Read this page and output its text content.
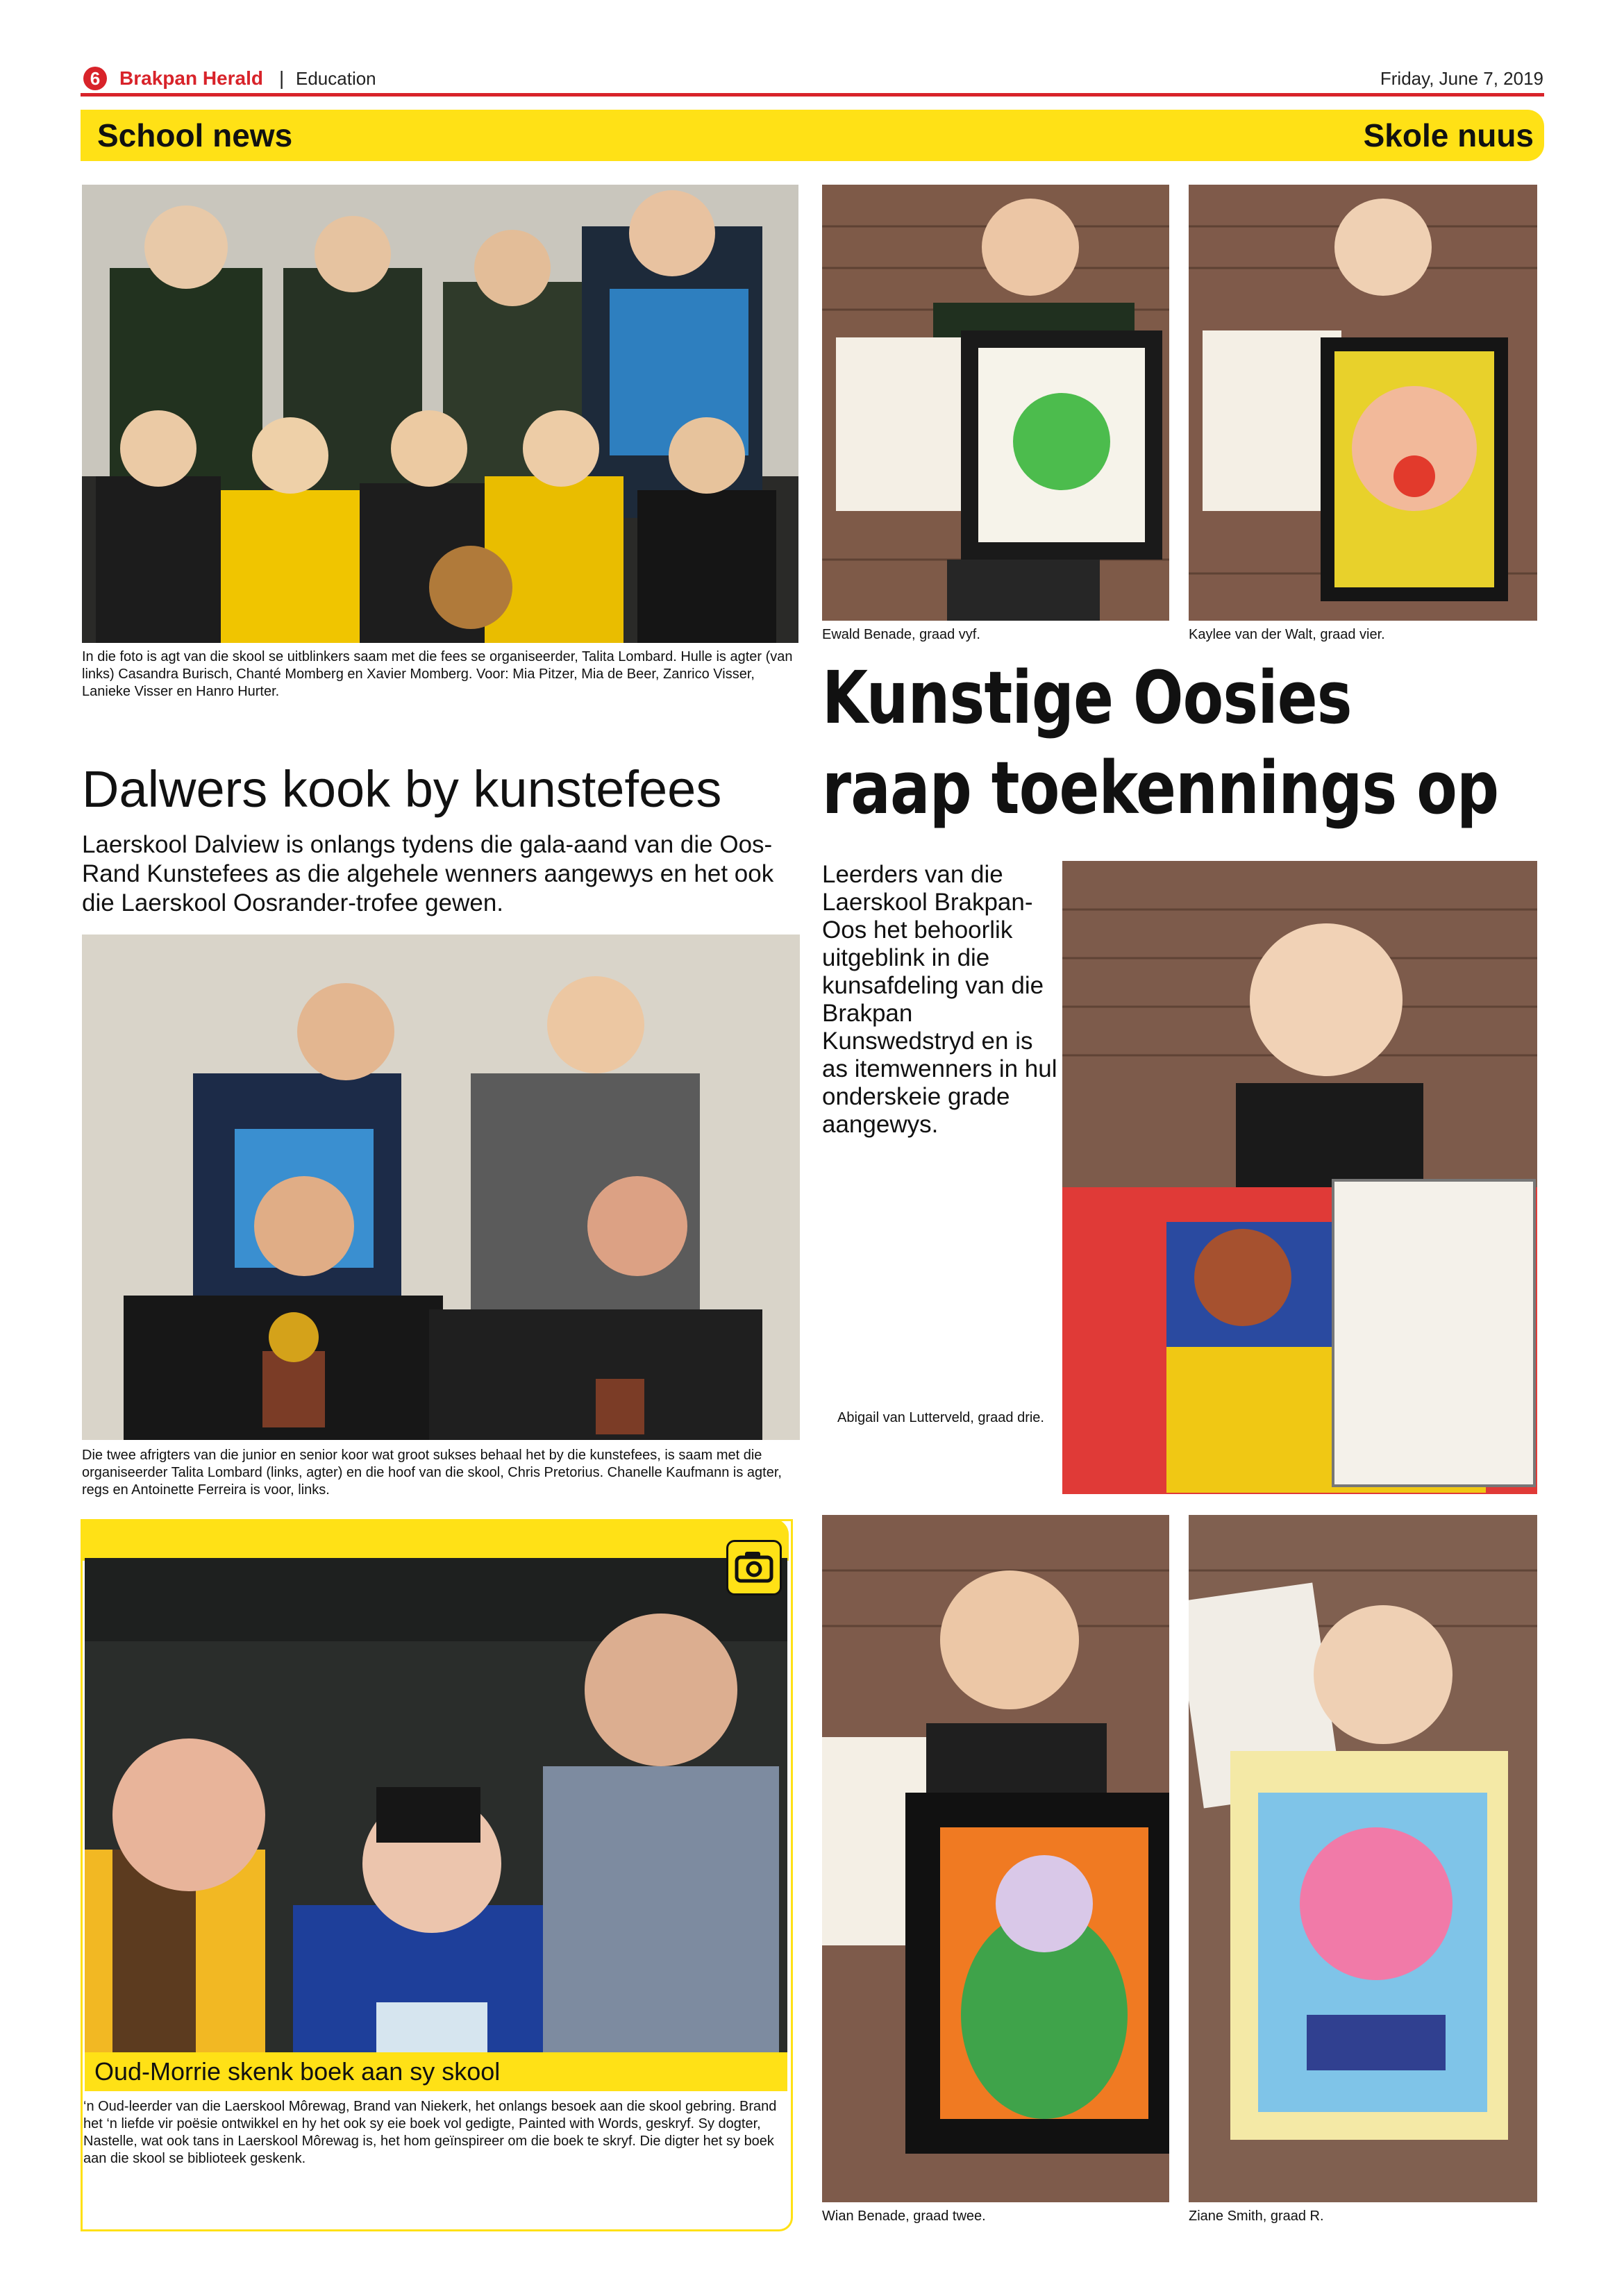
6 Brakpan Herald | Education	Friday, June 7, 2019
School news	Skole nuus
In die foto is agt van die skool se uitblinkers saam met die fees se organiseerder, Talita Lombard. Hulle is agter (van links) Casandra Burisch, Chanté Momberg en Xavier Momberg. Voor: Mia Pitzer, Mia de Beer, Zanrico Visser, Lanieke Visser en Hanro Hurter.
Dalwers kook by kunstefees
Laerskool Dalview is onlangs tydens die gala-aand van die Oos-Rand Kunstefees as die algehele wenners aangewys en het ook die Laerskool Oosrander-trofee gewen.
Die twee afrigters van die junior en senior koor wat groot sukses behaal het by die kunstefees, is saam met die organiseerder Talita Lombard (links, agter) en die hoof van die skool, Chris Pretorius. Chanelle Kaufmann is agter, regs en Antoinette Ferreira is voor, links.
Oud-Morrie skenk boek aan sy skool
‘n Oud-leerder van die Laerskool Môrewag, Brand van Niekerk, het onlangs besoek aan die skool gebring. Brand het ‘n liefde vir poësie ontwikkel en hy het ook sy eie boek vol gedigte, Painted with Words, geskryf. Sy dogter, Nastelle, wat ook tans in Laerskool Môrewag is, het hom geïnspireer om die boek te skryf. Die digter het sy boek aan die skool se biblioteek geskenk.
Ewald Benade, graad vyf.	Kaylee van der Walt, graad vier.
Kunstige Oosies
raap toekennings op
Leerders van die Laerskool Brakpan-Oos het behoorlik uitgeblink in die kunsafdeling van die Brakpan Kunswedstryd en is as itemwenners in hul onderskeie grade aangewys.
Abigail van Lutterveld, graad drie.
Wian Benade, graad twee.	Ziane Smith, graad R.
